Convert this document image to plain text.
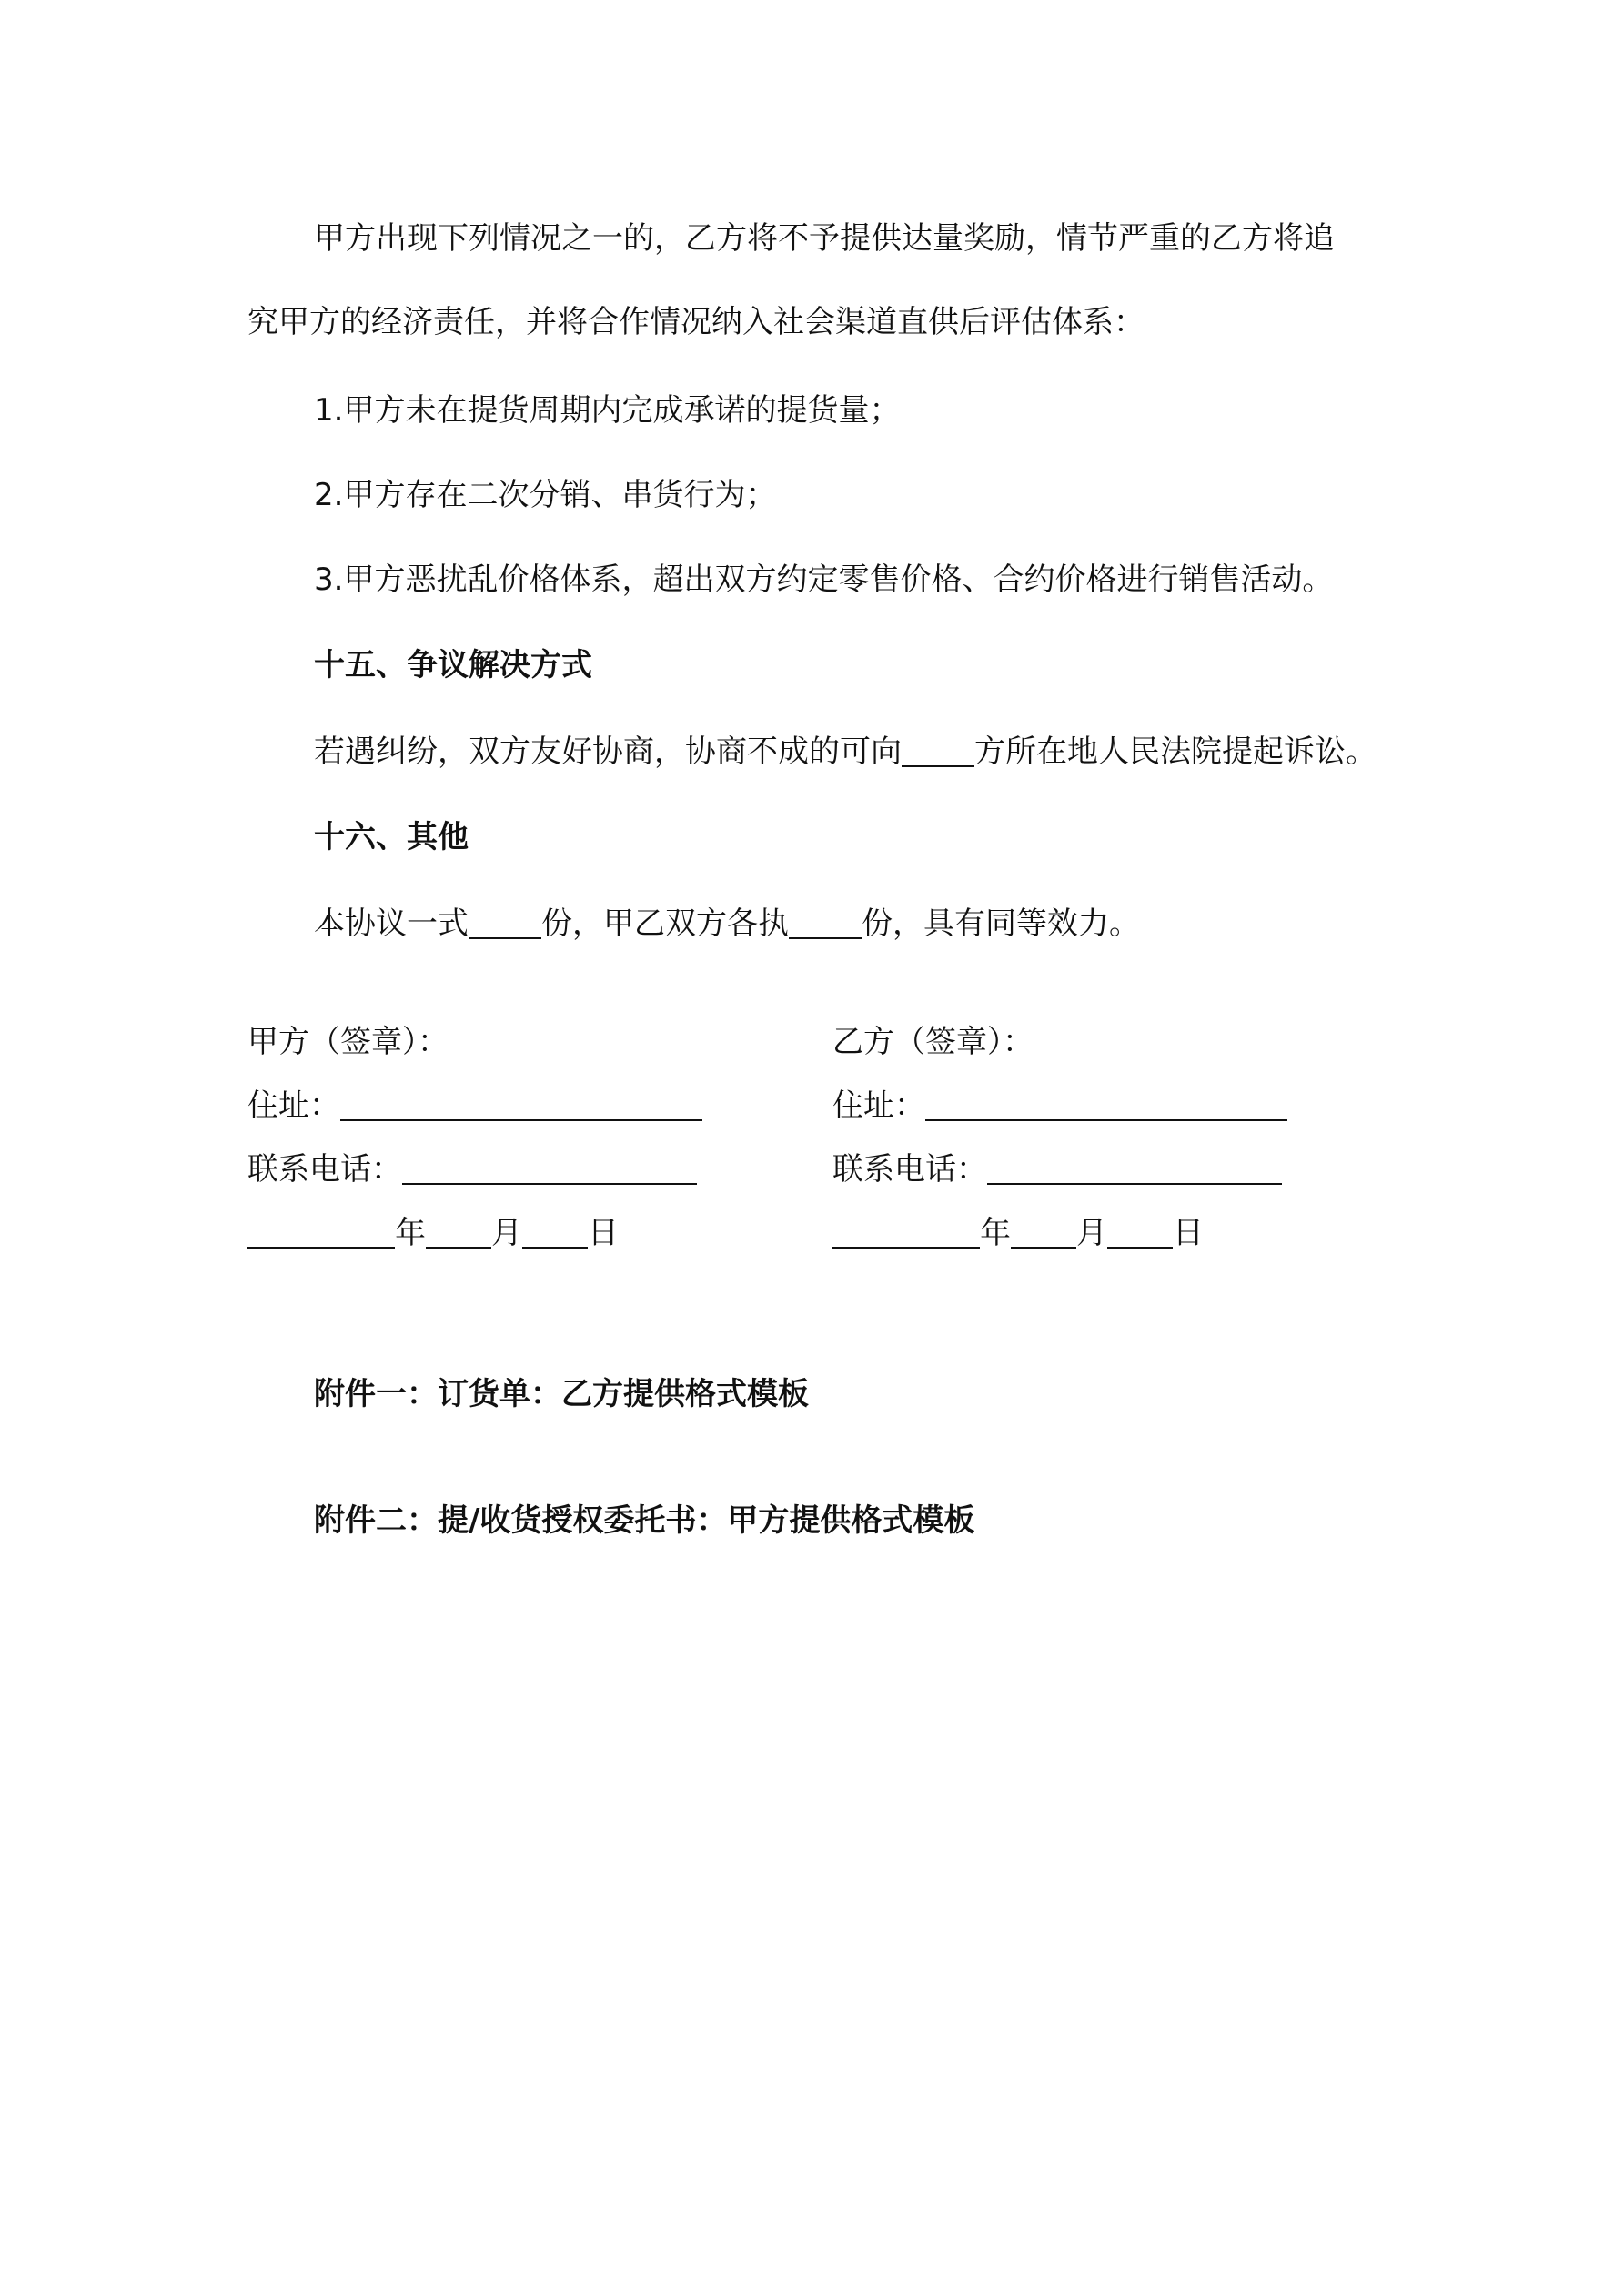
甲方出现下列情况之一的，乙方将不予提供达量奖励，情节严重的乙方将追
究甲方的经济责任，并将合作情况纳入社会渠道直供后评估体系：
1.甲方未在提货周期内完成承诺的提货量；
2.甲方存在二次分销、串货行为；
3.甲方恶扰乱价格体系，超出双方约定零售价格、合约价格进行销售活动。
十五、争议解决方式
若遇纠纷，双方友好协商，协商不成的可向 方所在地人民法院提起诉讼。
十六、其他
本协议一式 份，甲乙双方各执 份，具有同等效力。
甲方（签章）：
住址：
联系电话：
年 月 日
乙方（签章）：
住址：
联系电话：
年 月 日
附件一：订货单：乙方提供格式模板
附件二：提/收货授权委托书：甲方提供格式模板
